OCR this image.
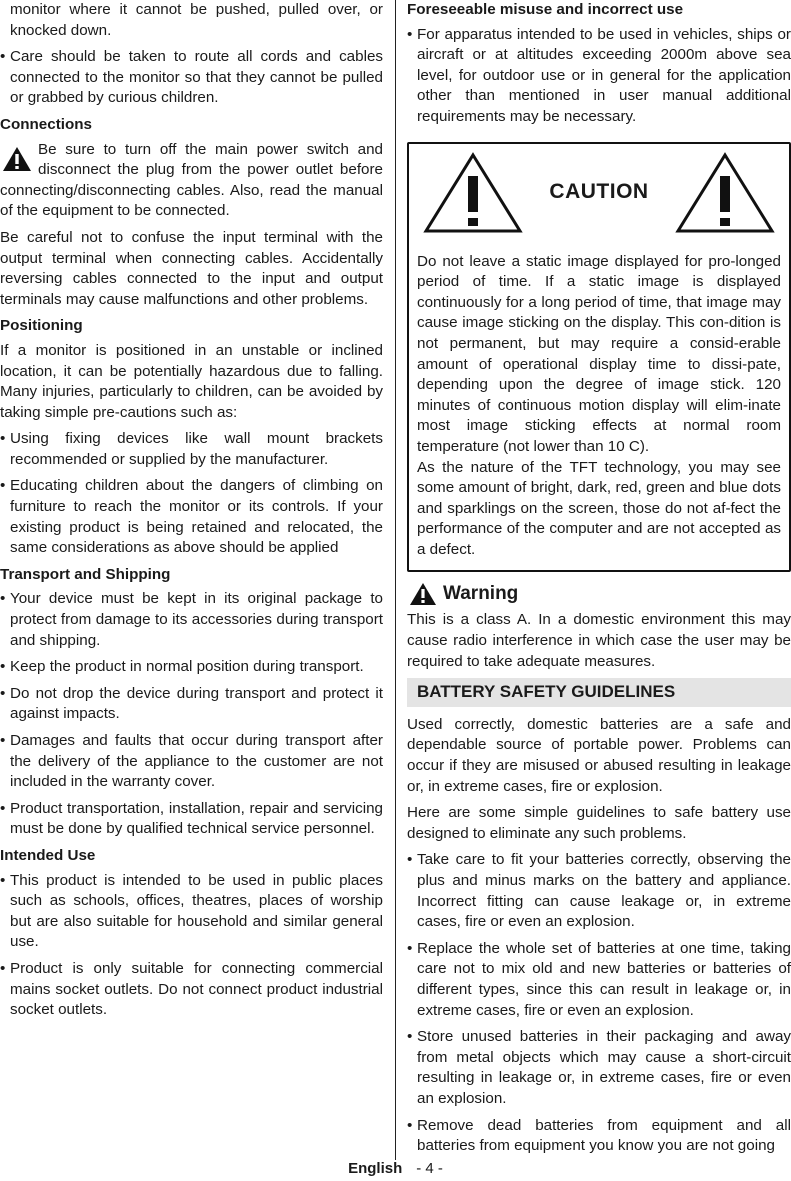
monitor where it cannot be pushed, pulled over, or knocked down.
• Care should be taken to route all cords and cables connected to the monitor so that they cannot be pulled or grabbed by curious children.
Connections

Be sure to turn off the main power switch and disconnect the plug from the power outlet before connecting/disconnecting cables. Also, read the manual of the equipment to be connected.

Be careful not to confuse the input terminal with the output terminal when connecting cables. Accidentally reversing cables connected to the input and output terminals may cause malfunctions and other problems.

Positioning

If a monitor is positioned in an unstable or inclined location, it can be potentially hazardous due to falling. Many injuries, particularly to children, can be avoided by taking simple pre-cautions such as:

• Using fixing devices like wall mount brackets recommended or supplied by the manufacturer.
• Educating children about the dangers of climbing on furniture to reach the monitor or its controls. If your existing product is being retained and relocated, the same considerations as above should be applied
Transport and Shipping
• Your device must be kept in its original package to protect from damage to its accessories during transport and shipping.
• Keep the product in normal position during transport.
• Do not drop the device during transport and protect it against impacts.
• Damages and faults that occur during transport after the delivery of the appliance to the customer are not included in the warranty cover.
• Product transportation, installation, repair and servicing must be done by qualified technical service personnel.
Intended Use
• This product is intended to be used in public places such as schools, offices, theatres, places of worship but are also suitable for household and similar general use.
• Product is only suitable for connecting commercial mains socket outlets. Do not connect product industrial socket outlets.
Foreseeable misuse and incorrect use
• For apparatus intended to be used in vehicles, ships or aircraft or at altitudes exceeding 2000m above sea level, for outdoor use or in general for the application other than mentioned in user manual additional requirements may be necessary.
CAUTION

Do not leave a static image displayed for pro-longed period of time. If a static image is displayed continuously for a long period of time, that image may cause image sticking on the display. This con-dition is not permanent, but may require a consid-erable amount of operational display time to dissi-pate, depending upon the degree of image stick. 120 minutes of continuous motion display will elim-inate most image sticking effects at normal room temperature (not lower than 10 C).

As the nature of the TFT technology, you may see some amount of bright, dark, red, green and blue dots and sparklings on the screen, those do not af-fect the performance of the computer and are not accepted as a defect.

Warning

This is a class A. In a domestic environment this may cause radio interference in which case the user may be required to take adequate measures.

BATTERY SAFETY GUIDELINES

Used correctly, domestic batteries are a safe and dependable source of portable power. Problems can occur if they are misused or abused resulting in leakage or, in extreme cases, fire or explosion.

Here are some simple guidelines to safe battery use designed to eliminate any such problems.

• Take care to fit your batteries correctly, observing the plus and minus marks on the battery and appliance. Incorrect fitting can cause leakage or, in extreme cases, fire or even an explosion.
• Replace the whole set of batteries at one time, taking care not to mix old and new batteries or batteries of different types, since this can result in leakage or, in extreme cases, fire or even an explosion.
• Store unused batteries in their packaging and away from metal objects which may cause a short-circuit resulting in leakage or, in extreme cases, fire or even an explosion.
• Remove dead batteries from equipment and all batteries from equipment you know you are not going
English - 4 -
